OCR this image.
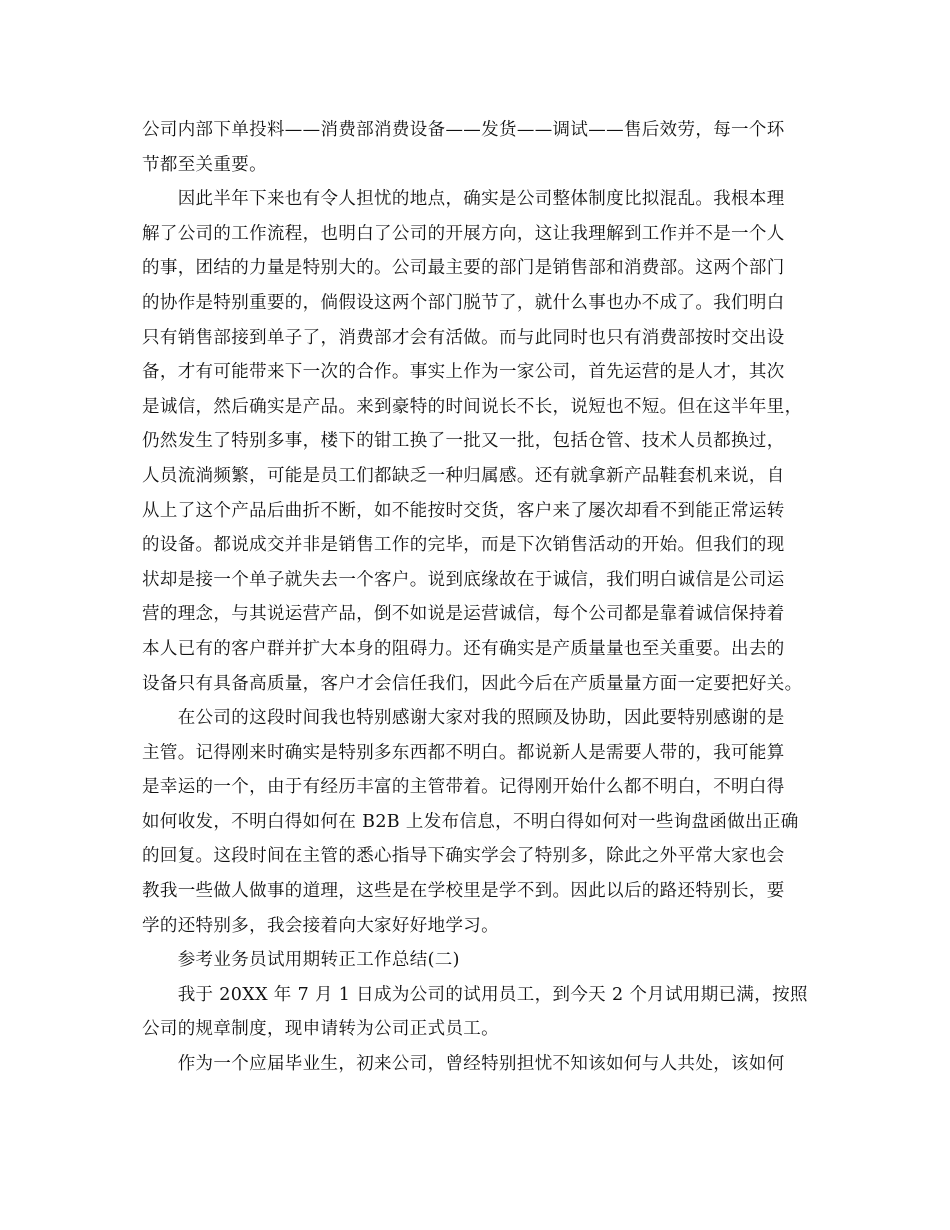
公司内部下单投料——消费部消费设备——发货——调试——售后效劳，每一个环
节都至关重要。
　　因此半年下来也有令人担忧的地点，确实是公司整体制度比拟混乱。我根本理
解了公司的工作流程，也明白了公司的开展方向，这让我理解到工作并不是一个人
的事，团结的力量是特别大的。公司最主要的部门是销售部和消费部。这两个部门
的协作是特别重要的，倘假设这两个部门脱节了，就什么事也办不成了。我们明白
只有销售部接到单子了，消费部才会有活做。而与此同时也只有消费部按时交出设
备，才有可能带来下一次的合作。事实上作为一家公司，首先运营的是人才，其次
是诚信，然后确实是产品。来到豪特的时间说长不长，说短也不短。但在这半年里，
仍然发生了特别多事，楼下的钳工换了一批又一批，包括仓管、技术人员都换过，
人员流淌频繁，可能是员工们都缺乏一种归属感。还有就拿新产品鞋套机来说，自
从上了这个产品后曲折不断，如不能按时交货，客户来了屡次却看不到能正常运转
的设备。都说成交并非是销售工作的完毕，而是下次销售活动的开始。但我们的现
状却是接一个单子就失去一个客户。说到底缘故在于诚信，我们明白诚信是公司运
营的理念，与其说运营产品，倒不如说是运营诚信，每个公司都是靠着诚信保持着
本人已有的客户群并扩大本身的阻碍力。还有确实是产质量量也至关重要。出去的
设备只有具备高质量，客户才会信任我们，因此今后在产质量量方面一定要把好关。
　　在公司的这段时间我也特别感谢大家对我的照顾及协助，因此要特别感谢的是
主管。记得刚来时确实是特别多东西都不明白。都说新人是需要人带的，我可能算
是幸运的一个，由于有经历丰富的主管带着。记得刚开始什么都不明白，不明白得
如何收发，不明白得如何在 B2B 上发布信息，不明白得如何对一些询盘函做出正确
的回复。这段时间在主管的悉心指导下确实学会了特别多，除此之外平常大家也会
教我一些做人做事的道理，这些是在学校里是学不到。因此以后的路还特别长，要
学的还特别多，我会接着向大家好好地学习。
　　参考业务员试用期转正工作总结(二)
　　我于 20XX 年 7 月 1 日成为公司的试用员工，到今天 2 个月试用期已满，按照
公司的规章制度，现申请转为公司正式员工。
　　作为一个应届毕业生，初来公司，曾经特别担忧不知该如何与人共处，该如何
